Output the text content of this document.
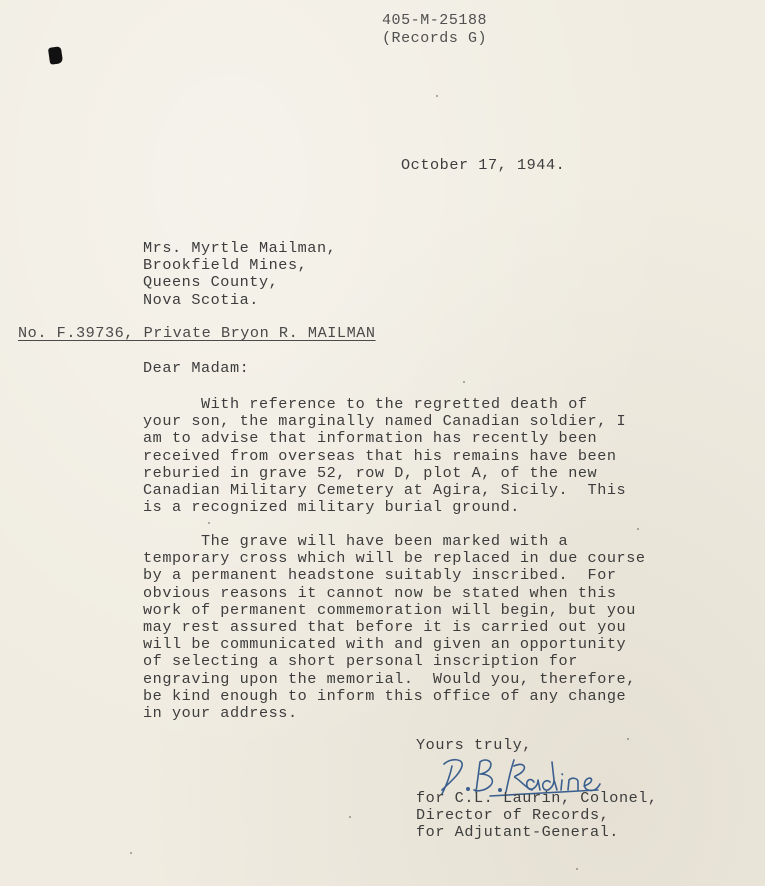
405-M-25188
(Records G)
October 17, 1944.
Mrs. Myrtle Mailman,
Brookfield Mines,
Queens County,
Nova Scotia.
No. F.39736, Private Bryon R. MAILMAN
Dear Madam:
With reference to the regretted death of
your son, the marginally named Canadian soldier, I
am to advise that information has recently been
received from overseas that his remains have been
reburied in grave 52, row D, plot A, of the new
Canadian Military Cemetery at Agira, Sicily.  This
is a recognized military burial ground.
The grave will have been marked with a
temporary cross which will be replaced in due course
by a permanent headstone suitably inscribed.  For
obvious reasons it cannot now be stated when this
work of permanent commemoration will begin, but you
may rest assured that before it is carried out you
will be communicated with and given an opportunity
of selecting a short personal inscription for
engraving upon the memorial.  Would you, therefore,
be kind enough to inform this office of any change
in your address.
Yours truly,
for C.L. Laurin, Colonel,
Director of Records,
for Adjutant-General.
